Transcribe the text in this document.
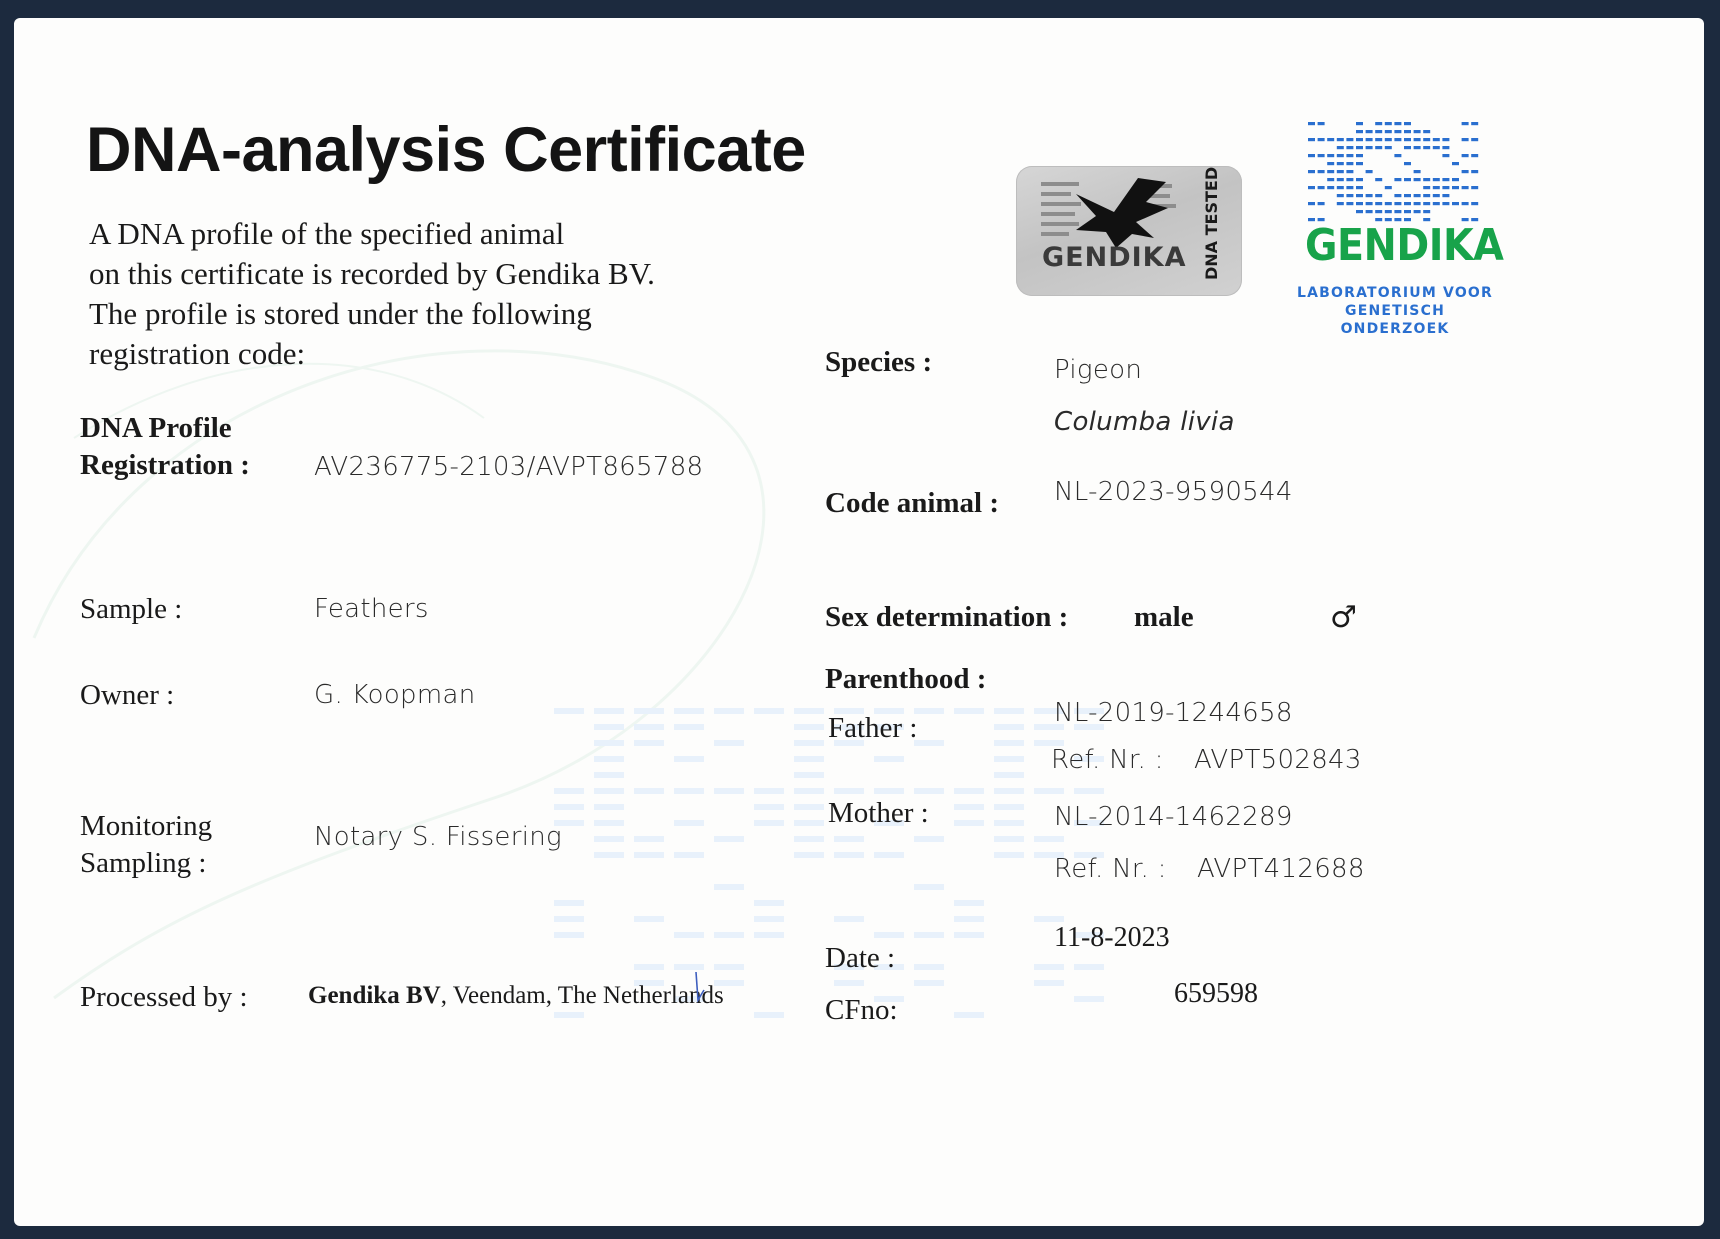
DNA-analysis Certificate
A DNA profile of the specified animal
on this certificate is recorded by Gendika BV.
The profile is stored under the following
registration code:
GENDIKA DNA TESTED GENDIKA
LABORATORIUM VOOR
GENETISCH ONDERZOEK
DNA Profile
Registration : AV236775-2103/AVPT865788
Sample :	Feathers
Owner :	G. Koopman
Monitoring
Sampling :
Notary S. Fissering
Processed by : Gendika BV, Veendam, The Netherlands
Species :	Pigeon
Columba livia
Code animal : NL-2023-9590544
Sex determination : male	♂
Parenthood :
Father :	NL-2019-1244658
Ref. Nr. : AVPT502843
Mother :	NL-2014-1462289
Ref. Nr. : AVPT412688
Date :
11-8-2023
CFno:
659598
